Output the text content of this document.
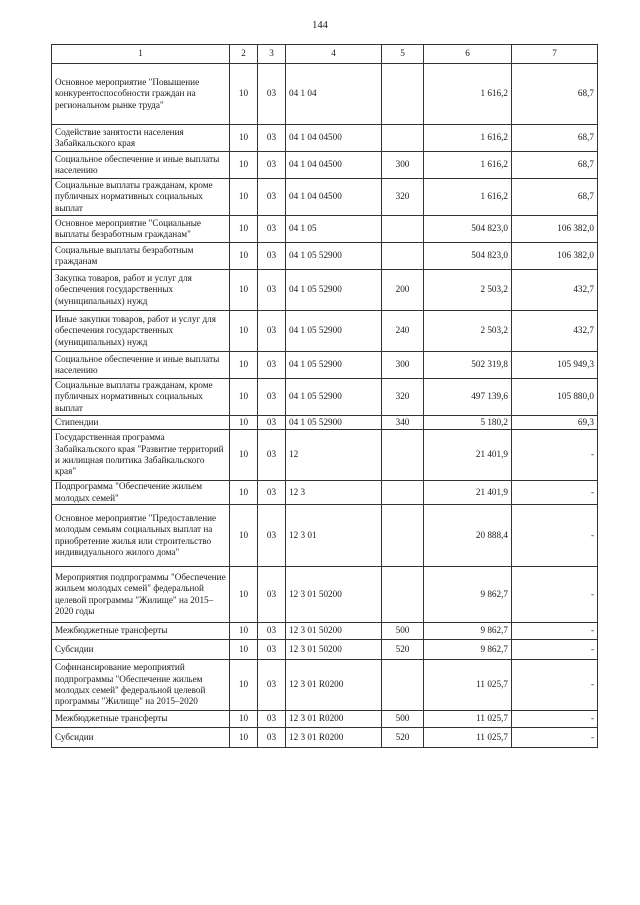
144
1	2	3	4	5	6	7
Основное мероприятие "Повышение конкурентоспособности граждан на региональном рынке труда"	10	03	04 1 04		1 616,2	68,7
Содействие занятости населения Забайкальского края	10	03	04 1 04 04500		1 616,2	68,7
Социальное обеспечение и иные выплаты населению	10	03	04 1 04 04500	300	1 616,2	68,7
Социальные выплаты гражданам, кроме публичных нормативных социальных выплат	10	03	04 1 04 04500	320	1 616,2	68,7
Основное мероприятие "Социальные выплаты безработным гражданам"	10	03	04 1 05		504 823,0	106 382,0
Социальные выплаты безработным гражданам	10	03	04 1 05 52900		504 823,0	106 382,0
Закупка товаров, работ и услуг для обеспечения государственных (муниципальных) нужд	10	03	04 1 05 52900	200	2 503,2	432,7
Иные закупки товаров, работ и услуг для обеспечения государственных (муниципальных) нужд	10	03	04 1 05 52900	240	2 503,2	432,7
Социальное обеспечение и иные выплаты населению	10	03	04 1 05 52900	300	502 319,8	105 949,3
Социальные выплаты гражданам, кроме публичных нормативных социальных выплат	10	03	04 1 05 52900	320	497 139,6	105 880,0
Стипендии	10	03	04 1 05 52900	340	5 180,2	69,3
Государственная программа Забайкальского края "Развитие территорий и жилищная политика Забайкальского края"	10	03	12		21 401,9	-
Подпрограмма "Обеспечение жильем молодых семей"	10	03	12 3		21 401,9	-
Основное мероприятие "Предоставление молодым семьям социальных выплат на приобретение жилья или строительство индивидуального жилого дома"	10	03	12 3 01		20 888,4	-
Мероприятия подпрограммы "Обеспечение жильем молодых семей" федеральной целевой программы "Жилище" на 2015–2020 годы	10	03	12 3 01 50200		9 862,7	-
Межбюджетные трансферты	10	03	12 3 01 50200	500	9 862,7	-
Субсидии	10	03	12 3 01 50200	520	9 862,7	-
Софинансирование мероприятий подпрограммы "Обеспечение жильем молодых семей" федеральной целевой программы "Жилище" на 2015–2020	10	03	12 3 01 R0200		11 025,7	-
Межбюджетные трансферты	10	03	12 3 01 R0200	500	11 025,7	-
Субсидии	10	03	12 3 01 R0200	520	11 025,7	-
